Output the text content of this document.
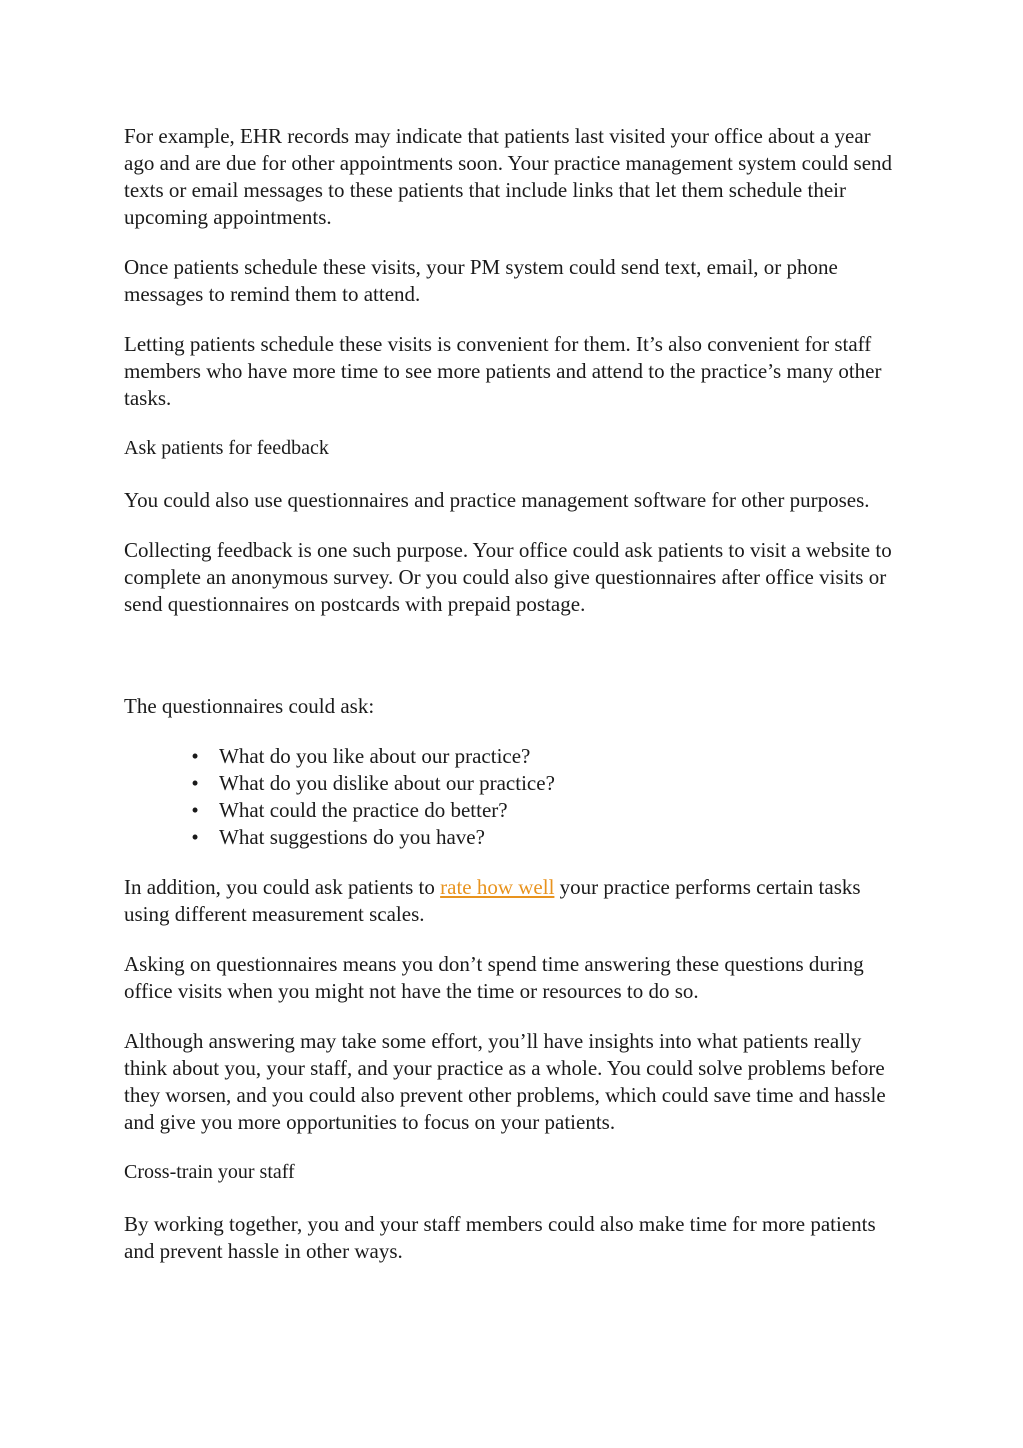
For example, EHR records may indicate that patients last visited your office about a year ago and are due for other appointments soon. Your practice management system could send texts or email messages to these patients that include links that let them schedule their upcoming appointments.

Once patients schedule these visits, your PM system could send text, email, or phone messages to remind them to attend.

Letting patients schedule these visits is convenient for them. It’s also convenient for staff members who have more time to see more patients and attend to the practice’s many other tasks.

Ask patients for feedback

You could also use questionnaires and practice management software for other purposes.

Collecting feedback is one such purpose. Your office could ask patients to visit a website to complete an anonymous survey. Or you could also give questionnaires after office visits or send questionnaires on postcards with prepaid postage.

The questionnaires could ask:

• What do you like about our practice?
• What do you dislike about our practice?
• What could the practice do better?
• What suggestions do you have?

In addition, you could ask patients to rate how well your practice performs certain tasks using different measurement scales.

Asking on questionnaires means you don’t spend time answering these questions during office visits when you might not have the time or resources to do so.

Although answering may take some effort, you’ll have insights into what patients really think about you, your staff, and your practice as a whole. You could solve problems before they worsen, and you could also prevent other problems, which could save time and hassle and give you more opportunities to focus on your patients.

Cross-train your staff

By working together, you and your staff members could also make time for more patients and prevent hassle in other ways.
